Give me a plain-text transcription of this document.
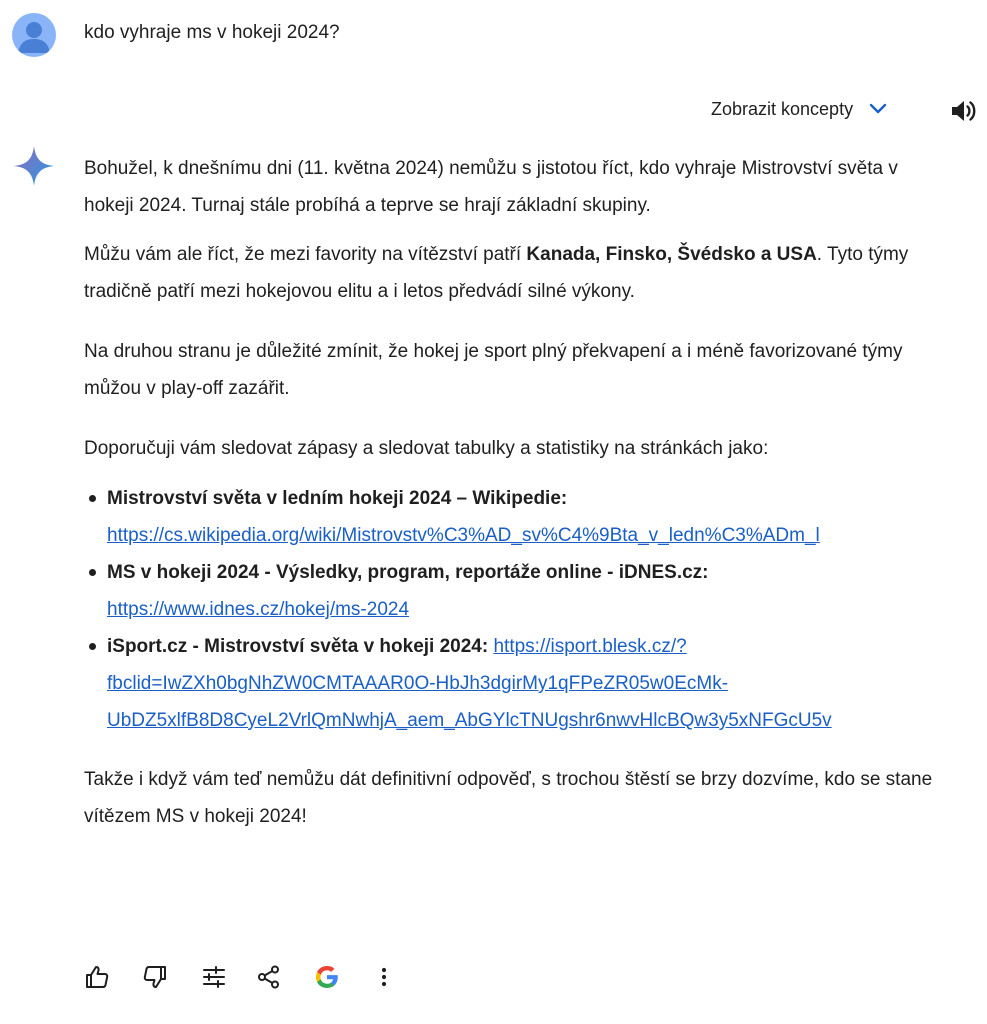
kdo vyhraje ms v hokeji 2024?
Zobrazit koncepty

Bohužel, k dnešnímu dni (11. května 2024) nemůžu s jistotou říct, kdo vyhraje Mistrovství světa v hokeji 2024. Turnaj stále probíhá a teprve se hrají základní skupiny.

Můžu vám ale říct, že mezi favority na vítězství patří Kanada, Finsko, Švédsko a USA. Tyto týmy tradičně patří mezi hokejovou elitu a i letos předvádí silné výkony.

Na druhou stranu je důležité zmínit, že hokej je sport plný překvapení a i méně favorizované týmy můžou v play-off zazářit.

Doporučuji vám sledovat zápasy a sledovat tabulky a statistiky na stránkách jako:

Mistrovství světa v ledním hokeji 2024 – Wikipedie:
https://cs.wikipedia.org/wiki/Mistrovstv%C3%AD_sv%C4%9Bta_v_ledn%C3%ADm_l
MS v hokeji 2024 - Výsledky, program, reportáže online - iDNES.cz:
https://www.idnes.cz/hokej/ms-2024
iSport.cz - Mistrovství světa v hokeji 2024: https://isport.blesk.cz/?
fbclid=IwZXh0bgNhZW0CMTAAAR0O-HbJh3dgirMy1qFPeZR05w0EcMk-
UbDZ5xlfB8D8CyeL2VrlQmNwhjA_aem_AbGYlcTNUgshr6nwvHlcBQw3y5xNFGcU5v

Takže i když vám teď nemůžu dát definitivní odpověď, s trochou štěstí se brzy dozvíme, kdo se stane vítězem MS v hokeji 2024!
